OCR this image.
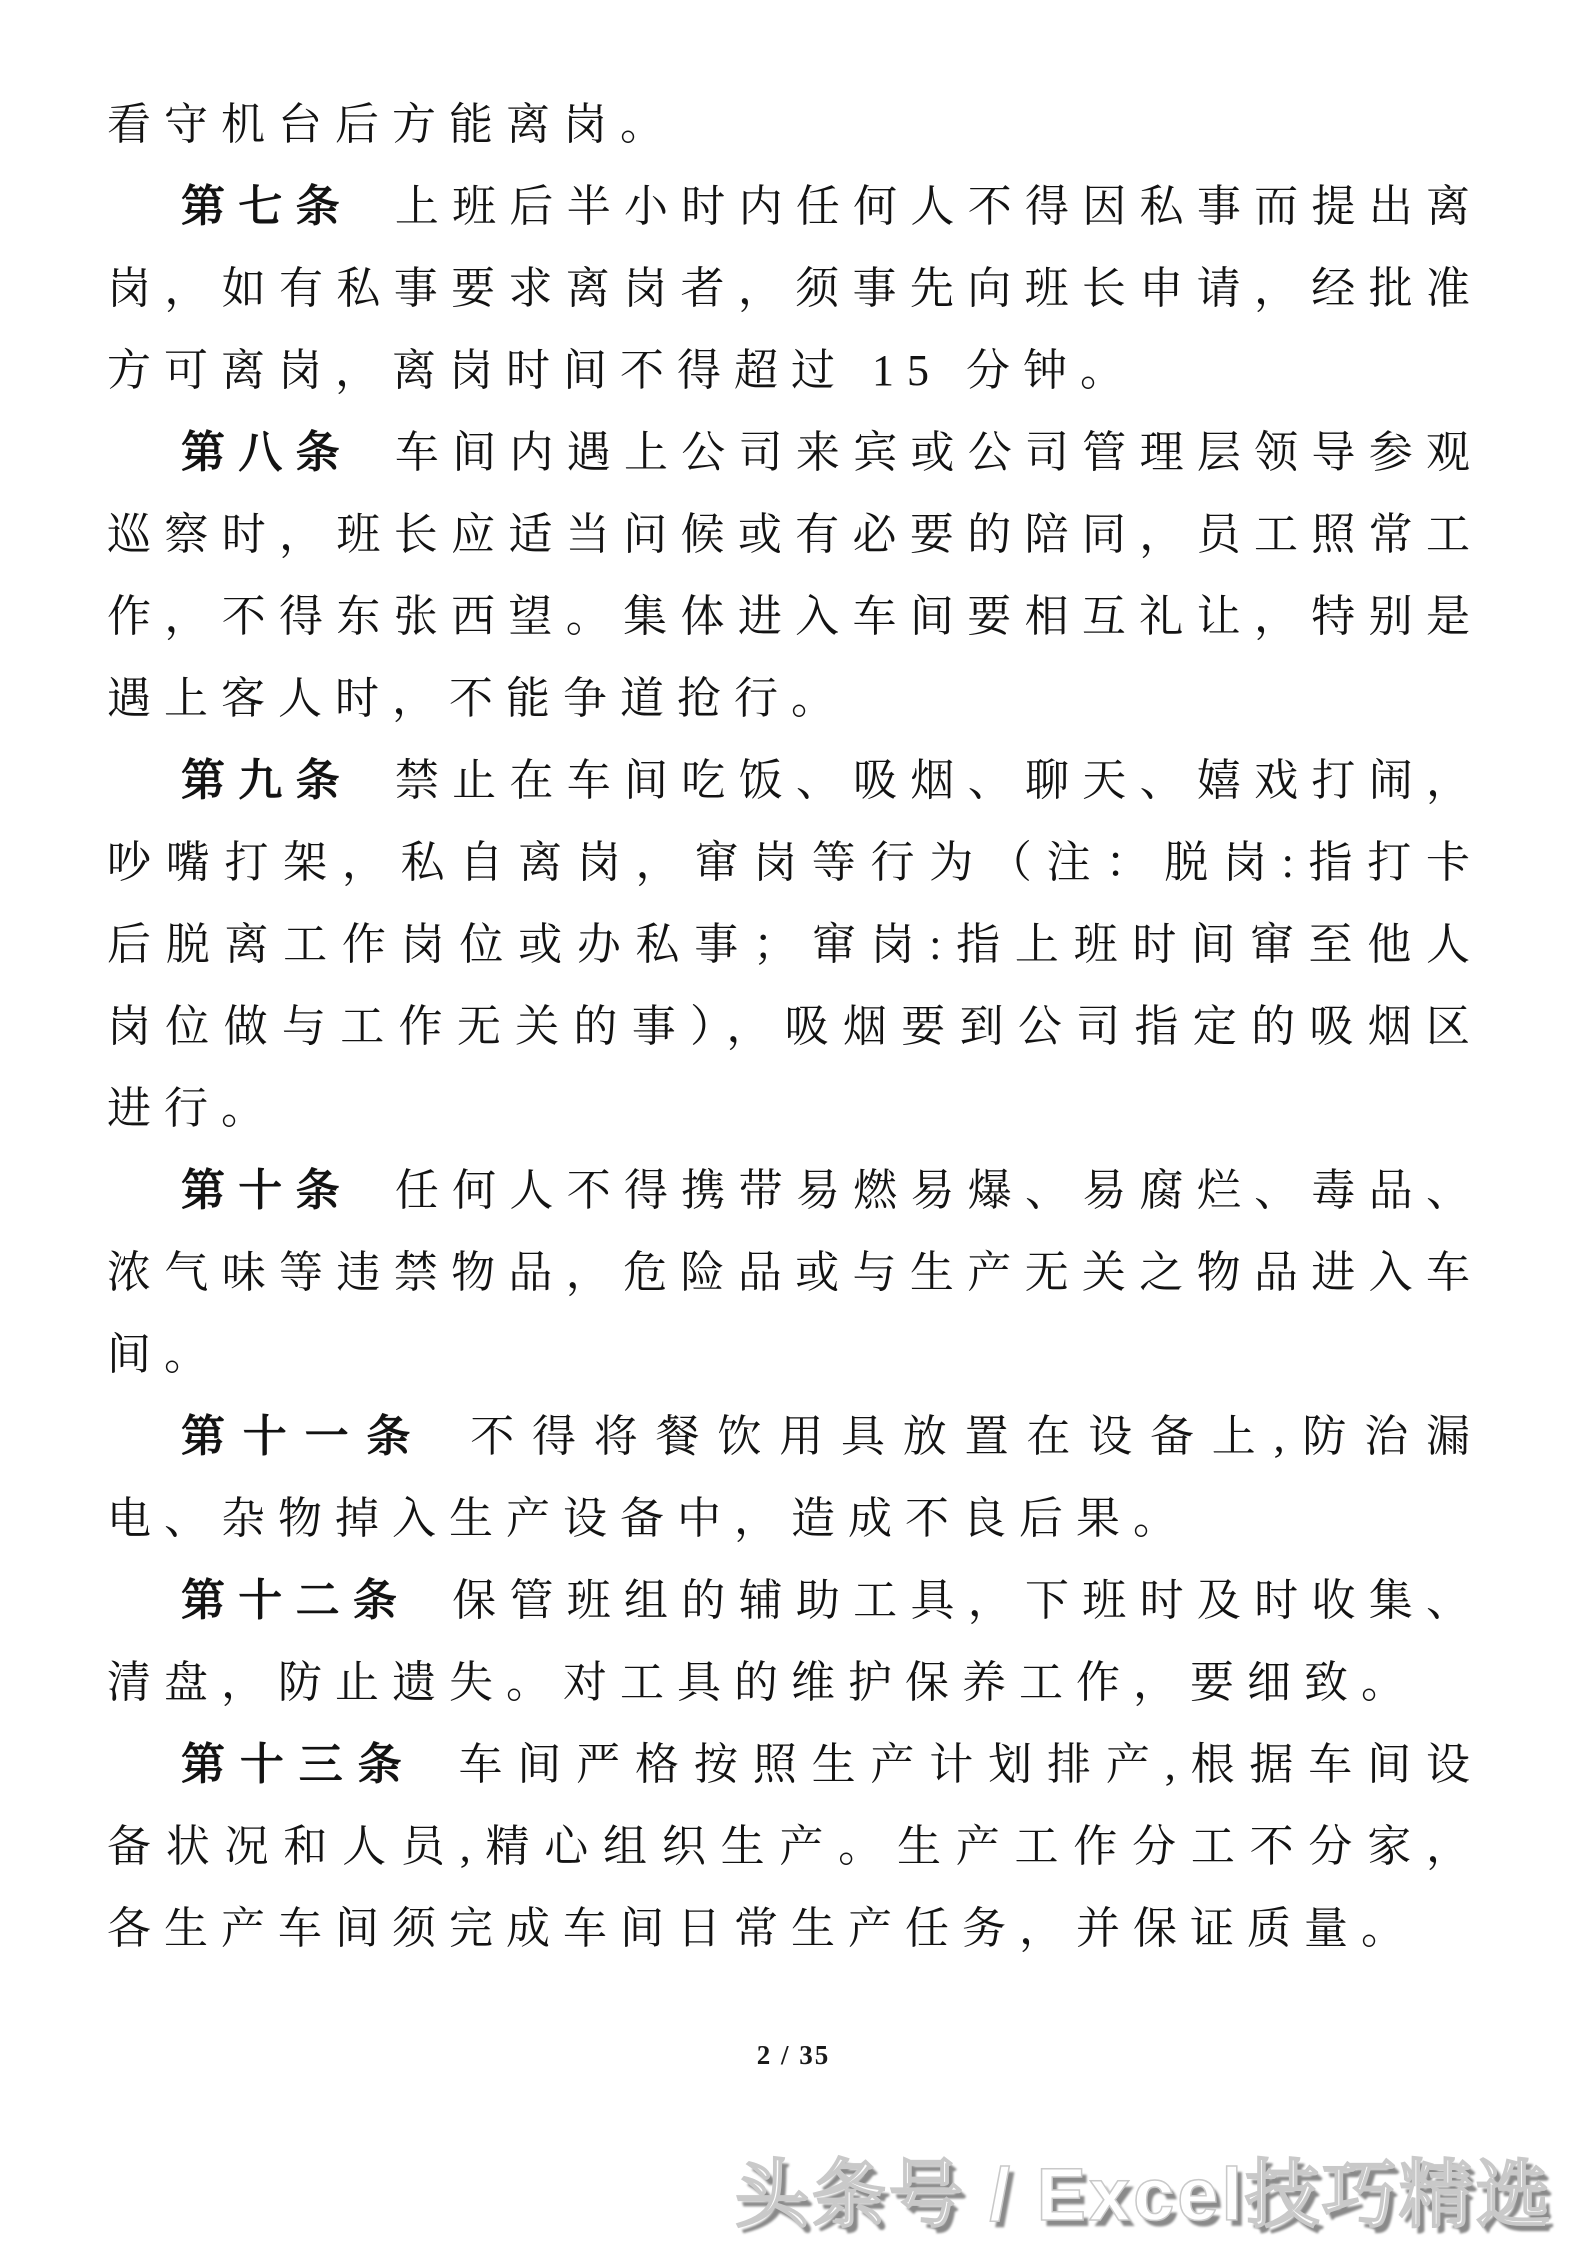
看守机台后方能离岗。

第七条 上班后半小时内任何人不得因私事而提出离岗，如有私事要求离岗者，须事先向班长申请，经批准方可离岗，离岗时间不得超过 15 分钟。

第八条 车间内遇上公司来宾或公司管理层领导参观巡察时，班长应适当问候或有必要的陪同，员工照常工作，不得东张西望。集体进入车间要相互礼让，特别是遇上客人时，不能争道抢行。

第九条 禁止在车间吃饭、吸烟、聊天、嬉戏打闹，吵嘴打架，私自离岗，窜岗等行为（注：脱岗:指打卡后脱离工作岗位或办私事；窜岗:指上班时间窜至他人岗位做与工作无关的事），吸烟要到公司指定的吸烟区进行。

第十条 任何人不得携带易燃易爆、易腐烂、毒品、浓气味等违禁物品，危险品或与生产无关之物品进入车间。

第十一条 不得将餐饮用具放置在设备上,防治漏电、杂物掉入生产设备中，造成不良后果。

第十二条 保管班组的辅助工具，下班时及时收集、清盘，防止遗失。对工具的维护保养工作，要细致。

第十三条 车间严格按照生产计划排产,根据车间设备状况和人员,精心组织生产。生产工作分工不分家，各生产车间须完成车间日常生产任务，并保证质量。

2 / 35
头条号 / Excel技巧精选
